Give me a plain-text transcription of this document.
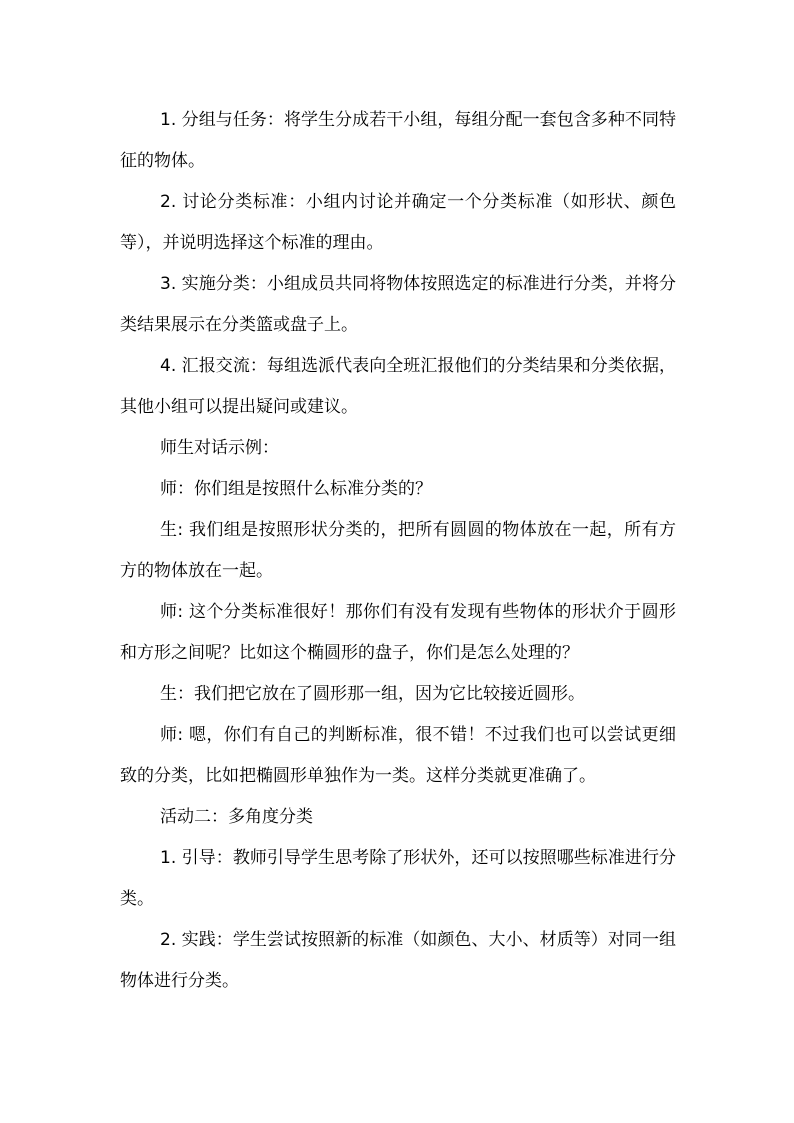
1. 分组与任务：将学生分成若干小组，每组分配一套包含多种不同特征的物体。

2. 讨论分类标准：小组内讨论并确定一个分类标准（如形状、颜色等），并说明选择这个标准的理由。

3. 实施分类：小组成员共同将物体按照选定的标准进行分类，并将分类结果展示在分类篮或盘子上。

4. 汇报交流：每组选派代表向全班汇报他们的分类结果和分类依据，其他小组可以提出疑问或建议。

师生对话示例：

师：你们组是按照什么标准分类的？

生: 我们组是按照形状分类的，把所有圆圆的物体放在一起，所有方方的物体放在一起。

师: 这个分类标准很好！那你们有没有发现有些物体的形状介于圆形和方形之间呢？比如这个椭圆形的盘子，你们是怎么处理的？

生：我们把它放在了圆形那一组，因为它比较接近圆形。

师: 嗯，你们有自己的判断标准，很不错！不过我们也可以尝试更细致的分类，比如把椭圆形单独作为一类。这样分类就更准确了。

活动二：多角度分类

1. 引导：教师引导学生思考除了形状外，还可以按照哪些标准进行分类。

2. 实践：学生尝试按照新的标准（如颜色、大小、材质等）对同一组物体进行分类。
